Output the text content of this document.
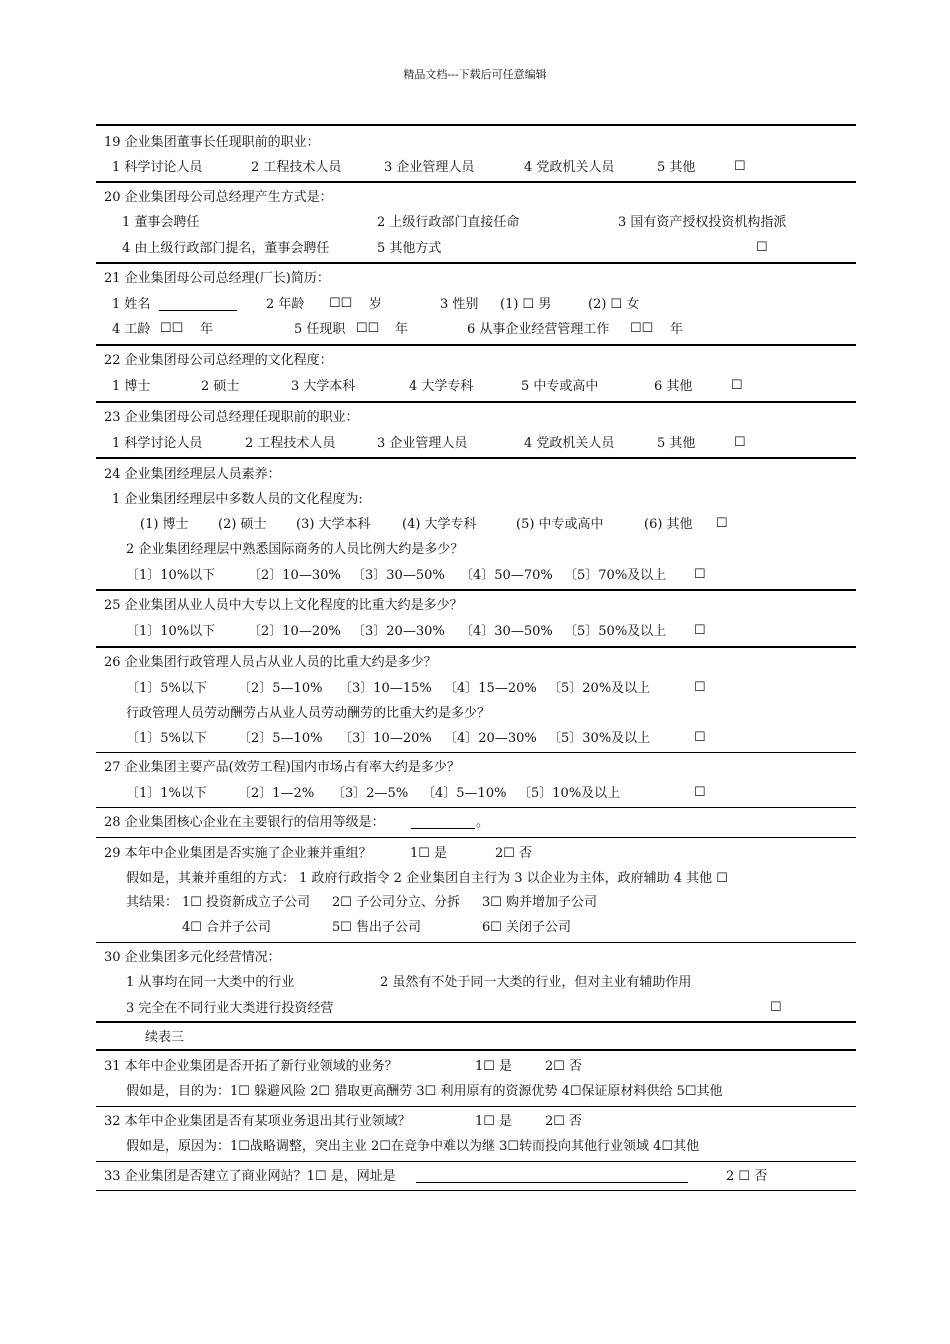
精品文档---下载后可任意编辑
19 企业集团董事长任现职前的职业：
1 科学讨论人员	2 工程技术人员	3 企业管理人员	4 党政机关人员	5 其他	☐
20 企业集团母公司总经理产生方式是：
1 董事会聘任	2 上级行政部门直接任命	3 国有资产授权投资机构指派
4 由上级行政部门提名，董事会聘任	5 其他方式	☐
21 企业集团母公司总经理(厂长)简历：
1 姓名	2 年龄 ☐☐ 岁	3 性别 (1) ☐ 男	(2) ☐ 女
4 工龄 ☐☐ 年	5 任现职 ☐☐ 年	6 从事企业经营管理工作 ☐☐ 年
22 企业集团母公司总经理的文化程度：
1 博士	2 硕士	3 大学本科	4 大学专科	5 中专或高中	6 其他	☐
23 企业集团母公司总经理任现职前的职业：
1 科学讨论人员	2 工程技术人员	3 企业管理人员	4 党政机关人员	5 其他	☐
24 企业集团经理层人员素养：
1 企业集团经理层中多数人员的文化程度为:
(1) 博士 (2) 硕士 (3) 大学本科 (4) 大学专科	(5) 中专或高中	(6) 其他 ☐
2 企业集团经理层中熟悉国际商务的人员比例大约是多少？
〔1〕10%以下	〔2〕10—30% 〔3〕30—50% 〔4〕50—70% 〔5〕70%及以上 ☐
25 企业集团从业人员中大专以上文化程度的比重大约是多少？
〔1〕10%以下	〔2〕10—20% 〔3〕20—30% 〔4〕30—50% 〔5〕50%及以上 ☐
26 企业集团行政管理人员占从业人员的比重大约是多少？
〔1〕5%以下 〔2〕5—10% 〔3〕10—15% 〔4〕15—20% 〔5〕20%及以上	☐
行政管理人员劳动酬劳占从业人员劳动酬劳的比重大约是多少？
〔1〕5%以下 〔2〕5—10% 〔3〕10—20% 〔4〕20—30% 〔5〕30%及以上	☐
27 企业集团主要产品(效劳工程)国内市场占有率大约是多少？
〔1〕1%以下 〔2〕1—2% 〔3〕2—5% 〔4〕5—10% 〔5〕10%及以上	☐
28 企业集团核心企业在主要银行的信用等级是：	。
29 本年中企业集团是否实施了企业兼并重组？	1☐ 是	2☐ 否
假如是，其兼并重组的方式： 1 政府行政指令 2 企业集团自主行为 3 以企业为主体，政府辅助 4 其他 ☐
其结果： 1☐ 投资新成立子公司 2☐ 子公司分立、分拆 3☐ 购并增加子公司
4☐ 合并子公司	5☐ 售出子公司	6☐ 关闭子公司
30 企业集团多元化经营情况：
1 从事均在同一大类中的行业	2 虽然有不处于同一大类的行业，但对主业有辅助作用
3 完全在不同行业大类进行投资经营	☐
续表三
31 本年中企业集团是否开拓了新行业领域的业务？	1☐ 是	2☐ 否
假如是，目的为：1☐ 躲避风险 2☐ 猎取更高酬劳 3☐ 利用原有的资源优势 4☐保证原材料供给 5☐其他
32 本年中企业集团是否有某项业务退出其行业领域？	1☐ 是	2☐ 否
假如是，原因为：1☐战略调整，突出主业 2☐在竞争中难以为继 3☐转而投向其他行业领域 4☐其他
33 企业集团是否建立了商业网站？1☐ 是，网址是	2 ☐ 否
